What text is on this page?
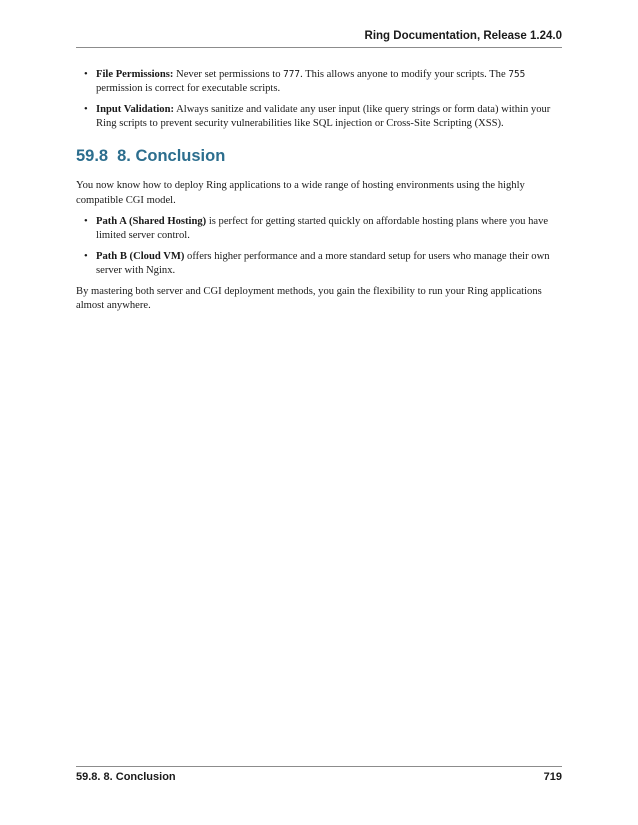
Ring Documentation, Release 1.24.0
• File Permissions: Never set permissions to 777. This allows anyone to modify your scripts. The 755 permission is correct for executable scripts.
• Input Validation: Always sanitize and validate any user input (like query strings or form data) within your Ring scripts to prevent security vulnerabilities like SQL injection or Cross-Site Scripting (XSS).
59.8 8. Conclusion

You now know how to deploy Ring applications to a wide range of hosting environments using the highly compatible CGI model.

• Path A (Shared Hosting) is perfect for getting started quickly on affordable hosting plans where you have limited server control.
• Path B (Cloud VM) offers higher performance and a more standard setup for users who manage their own server with Nginx.

By mastering both server and CGI deployment methods, you gain the flexibility to run your Ring applications almost anywhere.

59.8. 8. Conclusion	719
